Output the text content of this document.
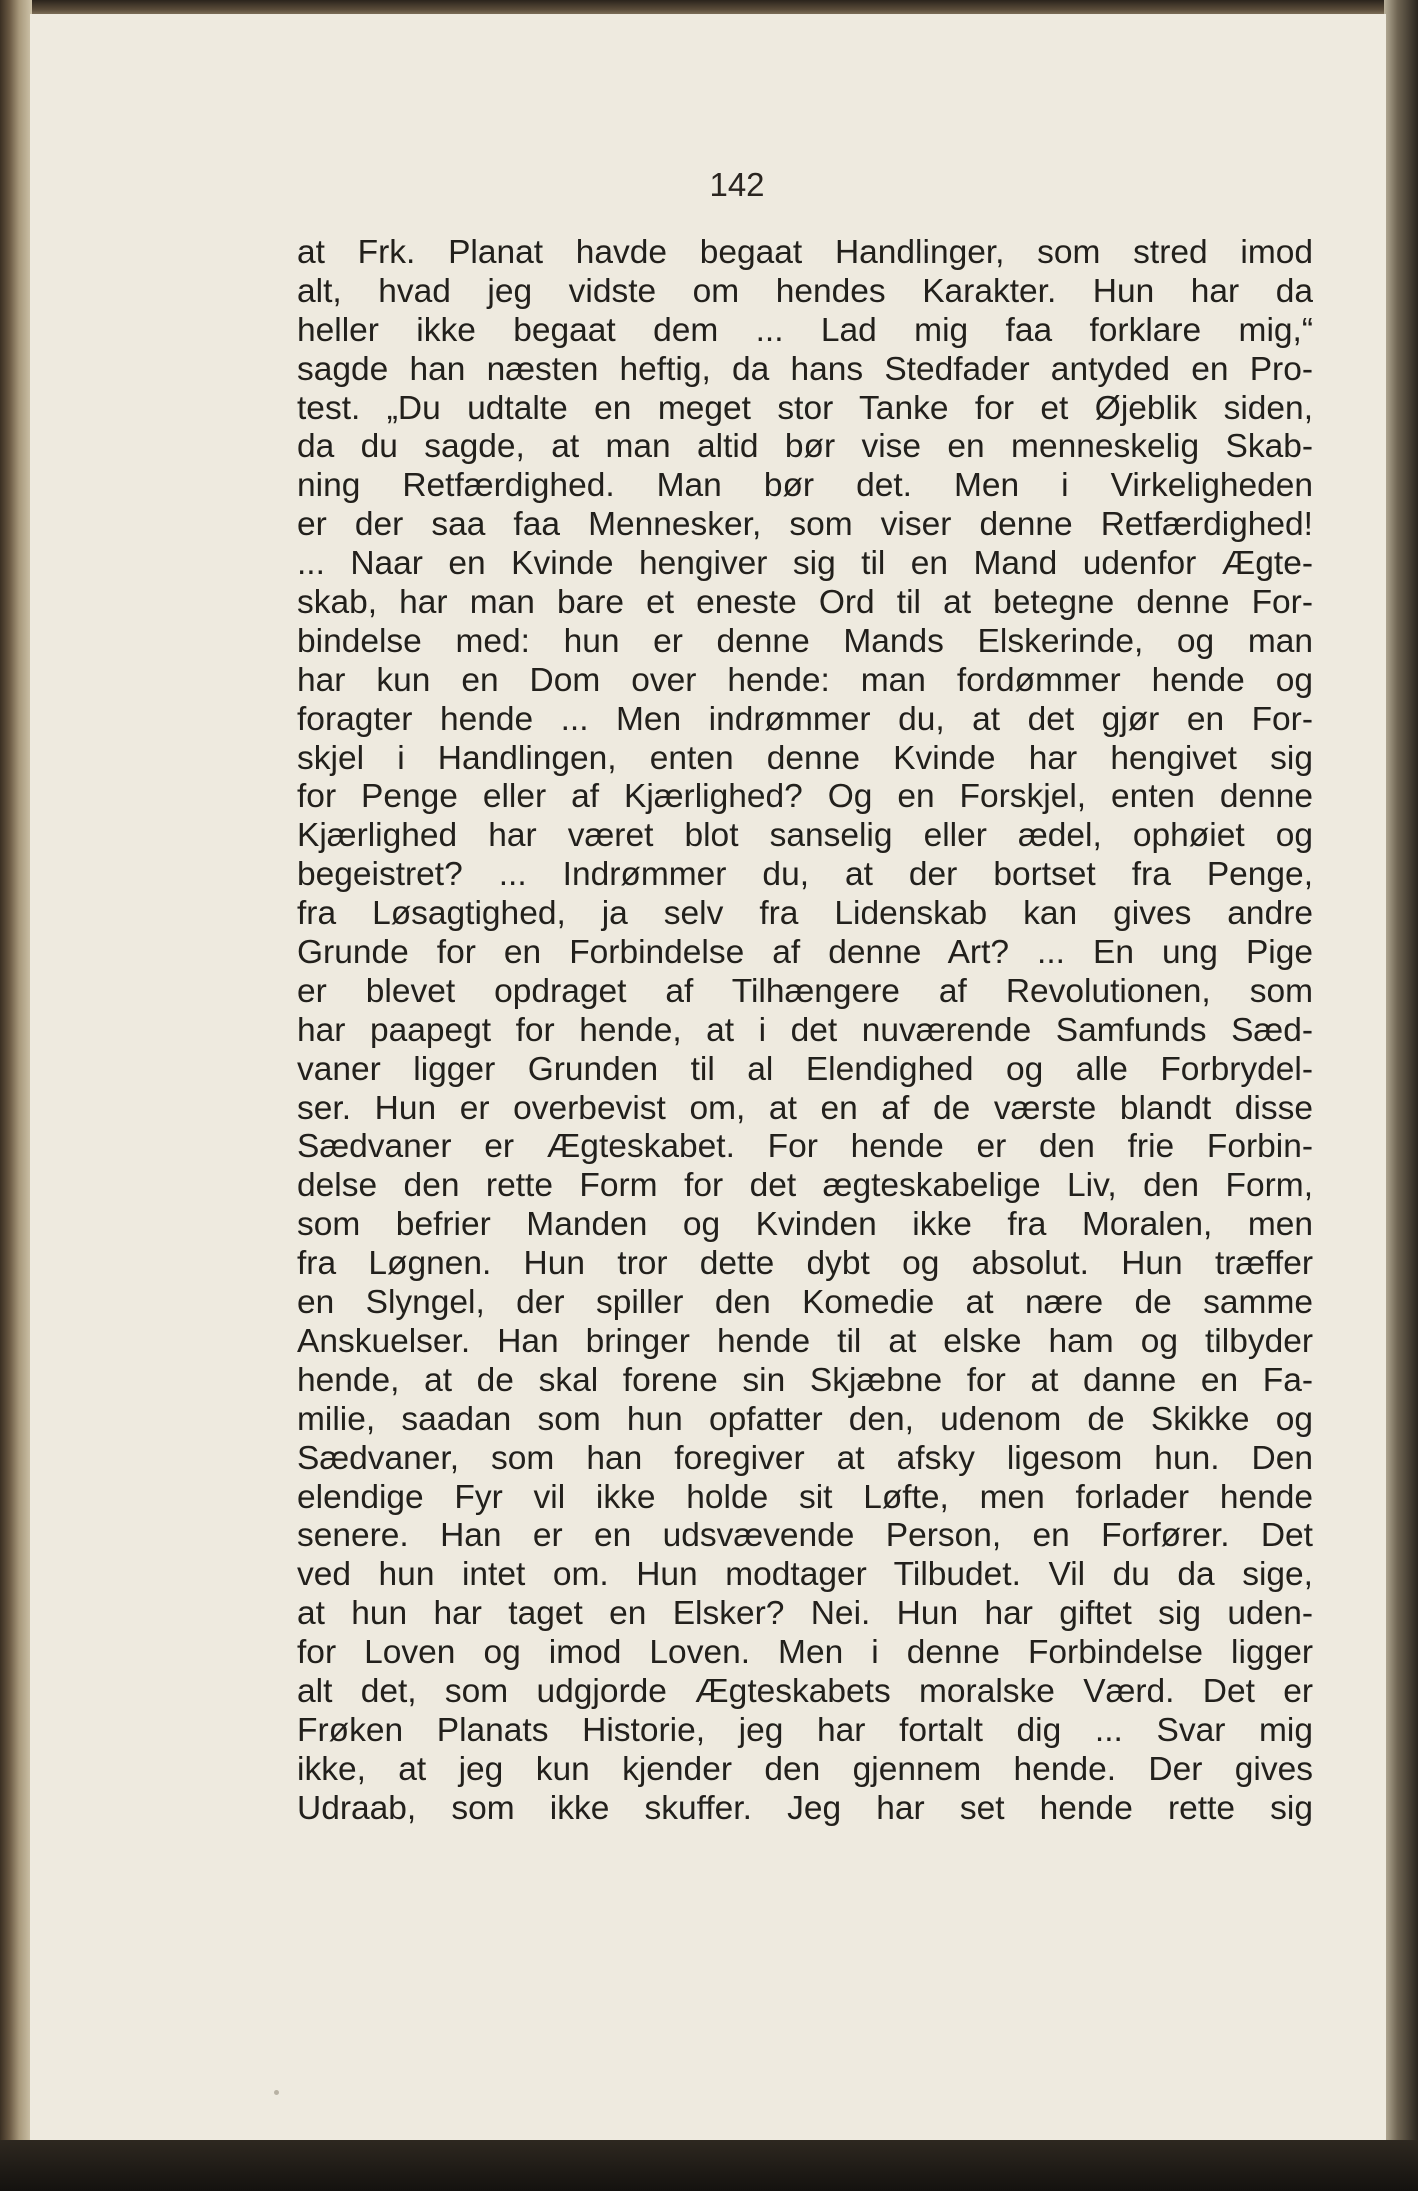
142
at Frk. Planat havde begaat Handlinger, som stred imod
alt, hvad jeg vidste om hendes Karakter. Hun har da
heller ikke begaat dem ... Lad mig faa forklare mig,“
sagde han næsten heftig, da hans Stedfader antyded en Pro-
test. „Du udtalte en meget stor Tanke for et Øjeblik siden,
da du sagde, at man altid bør vise en menneskelig Skab-
ning Retfærdighed. Man bør det. Men i Virkeligheden
er der saa faa Mennesker, som viser denne Retfærdighed!
... Naar en Kvinde hengiver sig til en Mand udenfor Ægte-
skab, har man bare et eneste Ord til at betegne denne For-
bindelse med: hun er denne Mands Elskerinde, og man
har kun en Dom over hende: man fordømmer hende og
foragter hende ... Men indrømmer du, at det gjør en For-
skjel i Handlingen, enten denne Kvinde har hengivet sig
for Penge eller af Kjærlighed? Og en Forskjel, enten denne
Kjærlighed har været blot sanselig eller ædel, ophøiet og
begeistret? ... Indrømmer du, at der bortset fra Penge,
fra Løsagtighed, ja selv fra Lidenskab kan gives andre
Grunde for en Forbindelse af denne Art? ... En ung Pige
er blevet opdraget af Tilhængere af Revolutionen, som
har paapegt for hende, at i det nuværende Samfunds Sæd-
vaner ligger Grunden til al Elendighed og alle Forbrydel-
ser. Hun er overbevist om, at en af de værste blandt disse
Sædvaner er Ægteskabet. For hende er den frie Forbin-
delse den rette Form for det ægteskabelige Liv, den Form,
som befrier Manden og Kvinden ikke fra Moralen, men
fra Løgnen. Hun tror dette dybt og absolut. Hun træffer
en Slyngel, der spiller den Komedie at nære de samme
Anskuelser. Han bringer hende til at elske ham og tilbyder
hende, at de skal forene sin Skjæbne for at danne en Fa-
milie, saadan som hun opfatter den, udenom de Skikke og
Sædvaner, som han foregiver at afsky ligesom hun. Den
elendige Fyr vil ikke holde sit Løfte, men forlader hende
senere. Han er en udsvævende Person, en Forfører. Det
ved hun intet om. Hun modtager Tilbudet. Vil du da sige,
at hun har taget en Elsker? Nei. Hun har giftet sig uden-
for Loven og imod Loven. Men i denne Forbindelse ligger
alt det, som udgjorde Ægteskabets moralske Værd. Det er
Frøken Planats Historie, jeg har fortalt dig ... Svar mig
ikke, at jeg kun kjender den gjennem hende. Der gives
Udraab, som ikke skuffer. Jeg har set hende rette sig
